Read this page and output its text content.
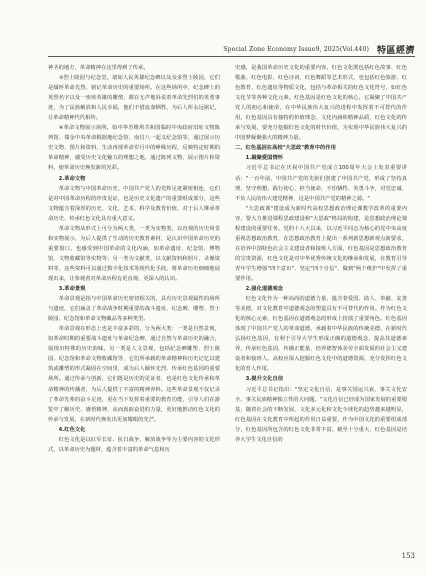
Special Zone Economy Issue9, 2025(Vol.440) 特區經濟

神圣的地方，革命精神在这里得到了传承。

③烈士陵园与纪念堂。诸如人民英雄纪念碑以及众多烈士陵园，它们是缅怀革命先烈、铭记革命历史的重要场所。在这些场所中，纪念碑上的英烈名字以及一座座英雄的雕塑，都在无声地诉说着革命先烈们的英勇事迹，为了民族解放和人民幸福，他们不惜流血牺牲，为后人所永远铭记，让革命精神代代相传。

④革命文物展示场所。如中华苏维埃共和国临时中央政府旧址文物陈列馆、瑞金中央革命根据地纪念馆、南昌八一起义纪念馆等，通过展示历史文物、图片和资料，生动再现革命岁月中的峥嵘历程，反映特定时期的革命精神，感受历史文化魅力的理想之地，通过陈列文物、展示图片和资料，使革命历史焕发新的光彩。

2.革命文物

革命文物与中国革命历史、中国共产党人的光辉足迹紧密相连，它们是对中国革命历程的珍贵见证，也是历史文化遗产的重要组成部分，这些文物蕴含着深厚的历史、文化、艺术、科学及教育价值，对于后人继承革命历史、传承红色文化具有重大意义。

革命文物从形式上可分为两大类，一类为实物类，以直观的历史场景和实物展示，为后人提供了生动的历史教育素材，是认识中国革命历史的重要窗口，也感受到中国革命的文化内涵，如革命遗址、纪念馆、博物馆、文物收藏馆等实物等；另一类为文献类，以文献资料和照片、录像资料等，这些资料可以通过数字化技术等现代化手段，将革命历史细细地展现出来，让参观者对革命历程有更直观、更深入的认识。

3.革命景观

革命景观是指与中国革命历史密切相关的，具有历史景观属性的场所与遗迹，它们涵盖了革命战争时期重要的战斗遗址、纪念碑、雕塑、烈士陵园、纪念馆和革命文物藏品等多种类型。

革命景观在形态上也是丰富多彩的，分为两大类：一类是自然景观，如革命时期的重要战斗遗址与革命纪念碑，通过自然与革命历史的融合，展现出特殊的历史韵味。另一类是人文景观，包括纪念碑雕塑、烈士陵园、纪念馆和革命文物收藏馆等，它们所承载的革命精神和历史记忆以建筑或雕塑的形式凝固在空间里，成为后人缅怀先烈、传承红色基因的重要场所。通过传承与创新，它们既是历史的见证者，也是红色文化传承和革命精神的传播者，为后人提供了丰富的精神养料。这些革命景观不仅记录了革命先辈的奋斗足迹，更在当下发挥着重要的教育功能，引导人们在游览中了解历史、感悟精神，从而汲取奋进的力量，更好地推动红色文化的传承与发展，在新时代焕发出更加耀眼的光芒。

4.红色文化

红色文化是以红军长征、抗日战争、解放战争等为主要内容的文化形式，以革命历史为题材，蕴含着丰富的革命气息和历

史感，是我国革命历史文化的重要内容。红色文化既包括红色故事、红色歌曲、红色电影、红色诗词、红色舞蹈等艺术形式，也包括红色旅游、红色教育、红色遗址等物质文化，包括与革命相关的红色文化符号，如红色文化节等各种文化元素。红色基因是红色文化的核心，它凝聚了中国共产党人的初心和使命，在中华民族伟大复兴的进程中发挥着不可替代的作用。红色基因具有独特的价值理念、文化内涵和精神品质，红色文化的传承与发展，要充分挖掘红色文化的时代价值，为实现中华民族伟大复兴的中国梦凝聚强大的精神力量。

二、红色基因在高校"大思政"教育中的作用

1.凝聚爱国情怀

习近平总书记在庆祝中国共产党成立100周年大会上发表重要讲话："一百年前，中国共产党的先驱们创建了中国共产党，形成了坚持真理、坚守理想，践行初心、担当使命，不怕牺牲、英勇斗争，对党忠诚、不负人民的伟大建党精神，这是中国共产党的精神之源。"

"大思政课"建设成为新时代高校思想政治理论课教学改革的重要内容，要大力推进课程思政建设和"大思政"格局的构建，是思想政治理论课程建设的重要任务。党的十八大以来，以习近平同志为核心的党中央高度重视思想政治教育，在思想政治教育上提出一系列新思想新观点新要求，在培养中国特色社会主义建设者和接班人方面，红色基因是思想政治教育的宝贵资源，红色文化是对中华优秀传统文化的继承和发展，在教育引导青年学生增强"四个意识"、坚定"四个自信"、做到"两个维护"中发挥了重要作用。

2.强化道德观念

红色文化作为一种高尚的道德力量，蕴含着爱国、助人、奉献、友善等美德，对文化教育中道德观念的塑造具有不可替代的作用。作为红色文化的核心元素，红色基因在道德观念的形成上扮演了重要角色。红色基因体现了中国共产党人的革命道德，承载着中华民族的传统美德，在新时代弘扬红色基因，有利于引导大学生形成正确的道德观念，提高其道德素养，传承红色基因，传播正能量，培养德智体美劳全面发展的社会主义建设者和接班人。高校应深入挖掘红色文化中的道德资源，充分发挥红色文化的育人作用。

3.提升文化自信

习近平总书记指出："坚定文化自信，是事关国运兴衰、事关文化安全、事关民族精神独立性的大问题。"文化自信已经成为国家发展的重要根基，随着社会的不断发展，文化多元化和文化全球化的趋势越来越明显，红色基因在文化教育中所起的作用日益重要，作为中国文化的重要组成部分，红色基因所包含的红色文化非常丰富。截至十分重大，红色基因是培养大学生文化自信的

153
